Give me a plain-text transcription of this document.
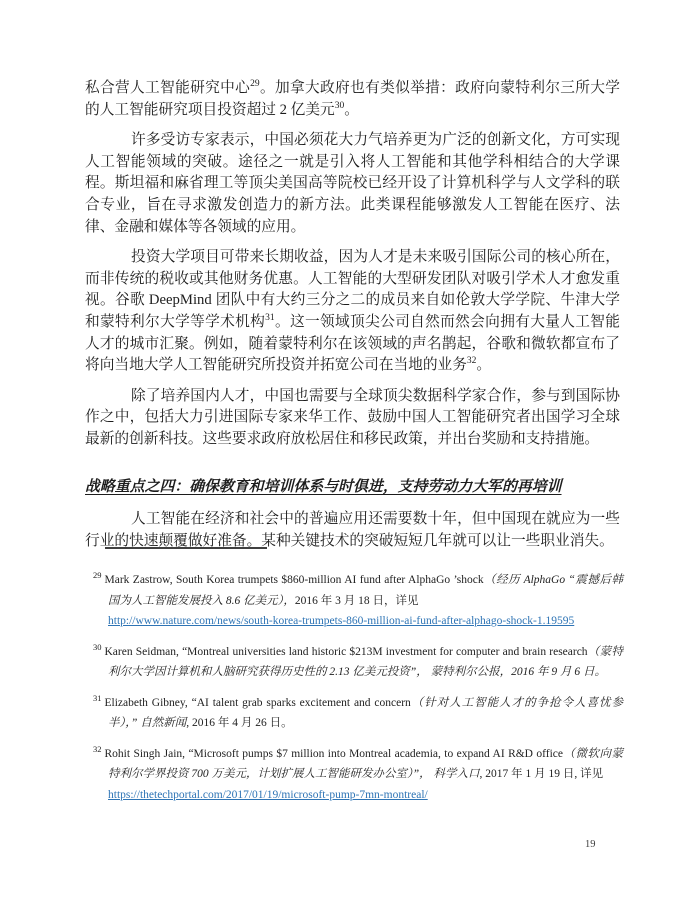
私合营人工智能研究中心$^{29}$。加拿大政府也有类似举措：政府向蒙特利尔三所大学的人工智能研究项目投资超过 2 亿美元$^{30}$。

许多受访专家表示，中国必须花大力气培养更为广泛的创新文化，方可实现人工智能领域的突破。途径之一就是引入将人工智能和其他学科相结合的大学课程。斯坦福和麻省理工等顶尖美国高等院校已经开设了计算机科学与人文学科的联合专业，旨在寻求激发创造力的新方法。此类课程能够激发人工智能在医疗、法律、金融和媒体等各领域的应用。

投资大学项目可带来长期收益，因为人才是未来吸引国际公司的核心所在，而非传统的税收或其他财务优惠。人工智能的大型研发团队对吸引学术人才愈发重视。谷歌 DeepMind 团队中有大约三分之二的成员来自如伦敦大学学院、牛津大学和蒙特利尔大学等学术机构$^{31}$。这一领域顶尖公司自然而然会向拥有大量人工智能人才的城市汇聚。例如，随着蒙特利尔在该领域的声名鹊起，谷歌和微软都宣布了将向当地大学人工智能研究所投资并拓宽公司在当地的业务$^{32}$。

除了培养国内人才，中国也需要与全球顶尖数据科学家合作，参与到国际协作之中，包括大力引进国际专家来华工作、鼓励中国人工智能研究者出国学习全球最新的创新科技。这些要求政府放松居住和移民政策，并出台奖励和支持措施。

战略重点之四：确保教育和培训体系与时俱进，支持劳动力大军的再培训

人工智能在经济和社会中的普遍应用还需要数十年，但中国现在就应为一些行业的快速颠覆做好准备。某种关键技术的突破短短几年就可以让一些职业消失。

$^{29}$ Mark Zastrow, South Korea trumpets $860-million AI fund after AlphaGo ’shock（经历 AlphaGo “震撼后韩国为人工智能发展投入 8.6 亿美元），2016 年 3 月 18 日，详见
http://www.nature.com/news/south-korea-trumpets-860-million-ai-fund-after-alphago-shock-1.19595
$^{30}$ Karen Seidman, “Montreal universities land historic $213M investment for computer and brain research（蒙特利尔大学因计算机和人脑研究获得历史性的 2.13 亿美元投资”， 蒙特利尔公报，2016 年 9 月 6 日。
$^{31}$ Elizabeth Gibney, “AI talent grab sparks excitement and concern（针对人工智能人才的争抢令人喜忧参半），” 自然新闻, 2016 年 4 月 26 日。
$^{32}$ Rohit Singh Jain, “Microsoft pumps $7 million into Montreal academia, to expand AI R&D office（微软向蒙特利尔学界投资 700 万美元，计划扩展人工智能研发办公室）”， 科学入口, 2017 年 1 月 19 日, 详见
https://thetechportal.com/2017/01/19/microsoft-pump-7mn-montreal/
19
